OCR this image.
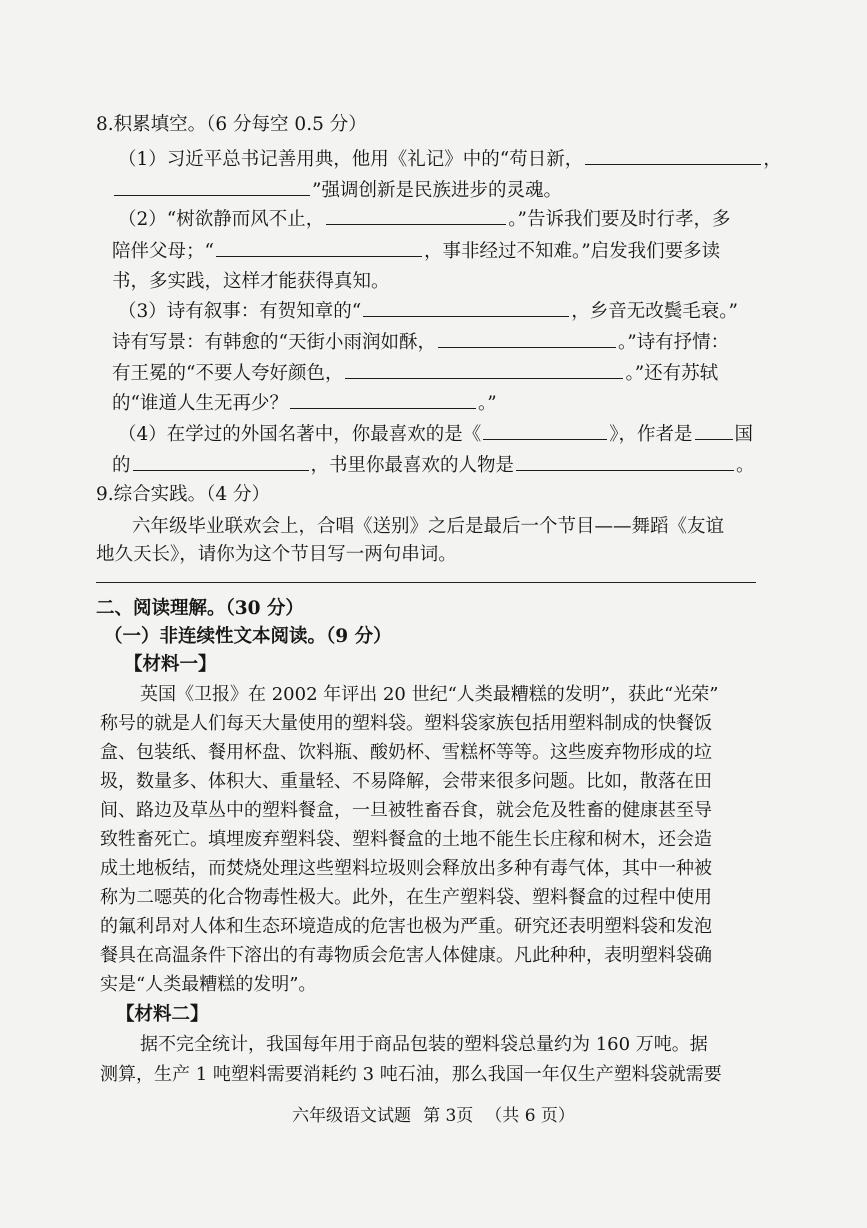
8.积累填空。（6 分每空 0.5 分）
（1）习近平总书记善用典，他用《礼记》中的“苟日新，	，
”强调创新是民族进步的灵魂。
（2）“树欲静而风不止，	。”告诉我们要及时行孝，多
陪伴父母；“	，事非经过不知难。”启发我们要多读
书，多实践，这样才能获得真知。
（3）诗有叙事：有贺知章的“	，乡音无改鬓毛衰。”
诗有写景：有韩愈的“天街小雨润如酥，	。”诗有抒情：
有王冕的“不要人夸好颜色，	。”还有苏轼
的“谁道人生无再少？	。”
（4）在学过的外国名著中，你最喜欢的是《	》，作者是 国
的	，书里你最喜欢的人物是	。
9.综合实践。（4 分）
六年级毕业联欢会上，合唱《送别》之后是最后一个节目——舞蹈《友谊
地久天长》，请你为这个节目写一两句串词。
二、阅读理解。（30 分）
（一）非连续性文本阅读。（9 分）
【材料一】
英国《卫报》在 2002 年评出 20 世纪“人类最糟糕的发明”，获此“光荣”
称号的就是人们每天大量使用的塑料袋。塑料袋家族包括用塑料制成的快餐饭
盒、包装纸、餐用杯盘、饮料瓶、酸奶杯、雪糕杯等等。这些废弃物形成的垃
圾，数量多、体积大、重量轻、不易降解，会带来很多问题。比如，散落在田
间、路边及草丛中的塑料餐盒，一旦被牲畜吞食，就会危及牲畜的健康甚至导
致牲畜死亡。填埋废弃塑料袋、塑料餐盒的土地不能生长庄稼和树木，还会造
成土地板结，而焚烧处理这些塑料垃圾则会释放出多种有毒气体，其中一种被
称为二噁英的化合物毒性极大。此外，在生产塑料袋、塑料餐盒的过程中使用
的氟利昂对人体和生态环境造成的危害也极为严重。研究还表明塑料袋和发泡
餐具在高温条件下溶出的有毒物质会危害人体健康。凡此种种，表明塑料袋确
实是“人类最糟糕的发明”。
【材料二】
据不完全统计，我国每年用于商品包装的塑料袋总量约为 160 万吨。据
测算，生产 1 吨塑料需要消耗约 3 吨石油，那么我国一年仅生产塑料袋就需要
六年级语文试题 第 3页 （共 6 页）
